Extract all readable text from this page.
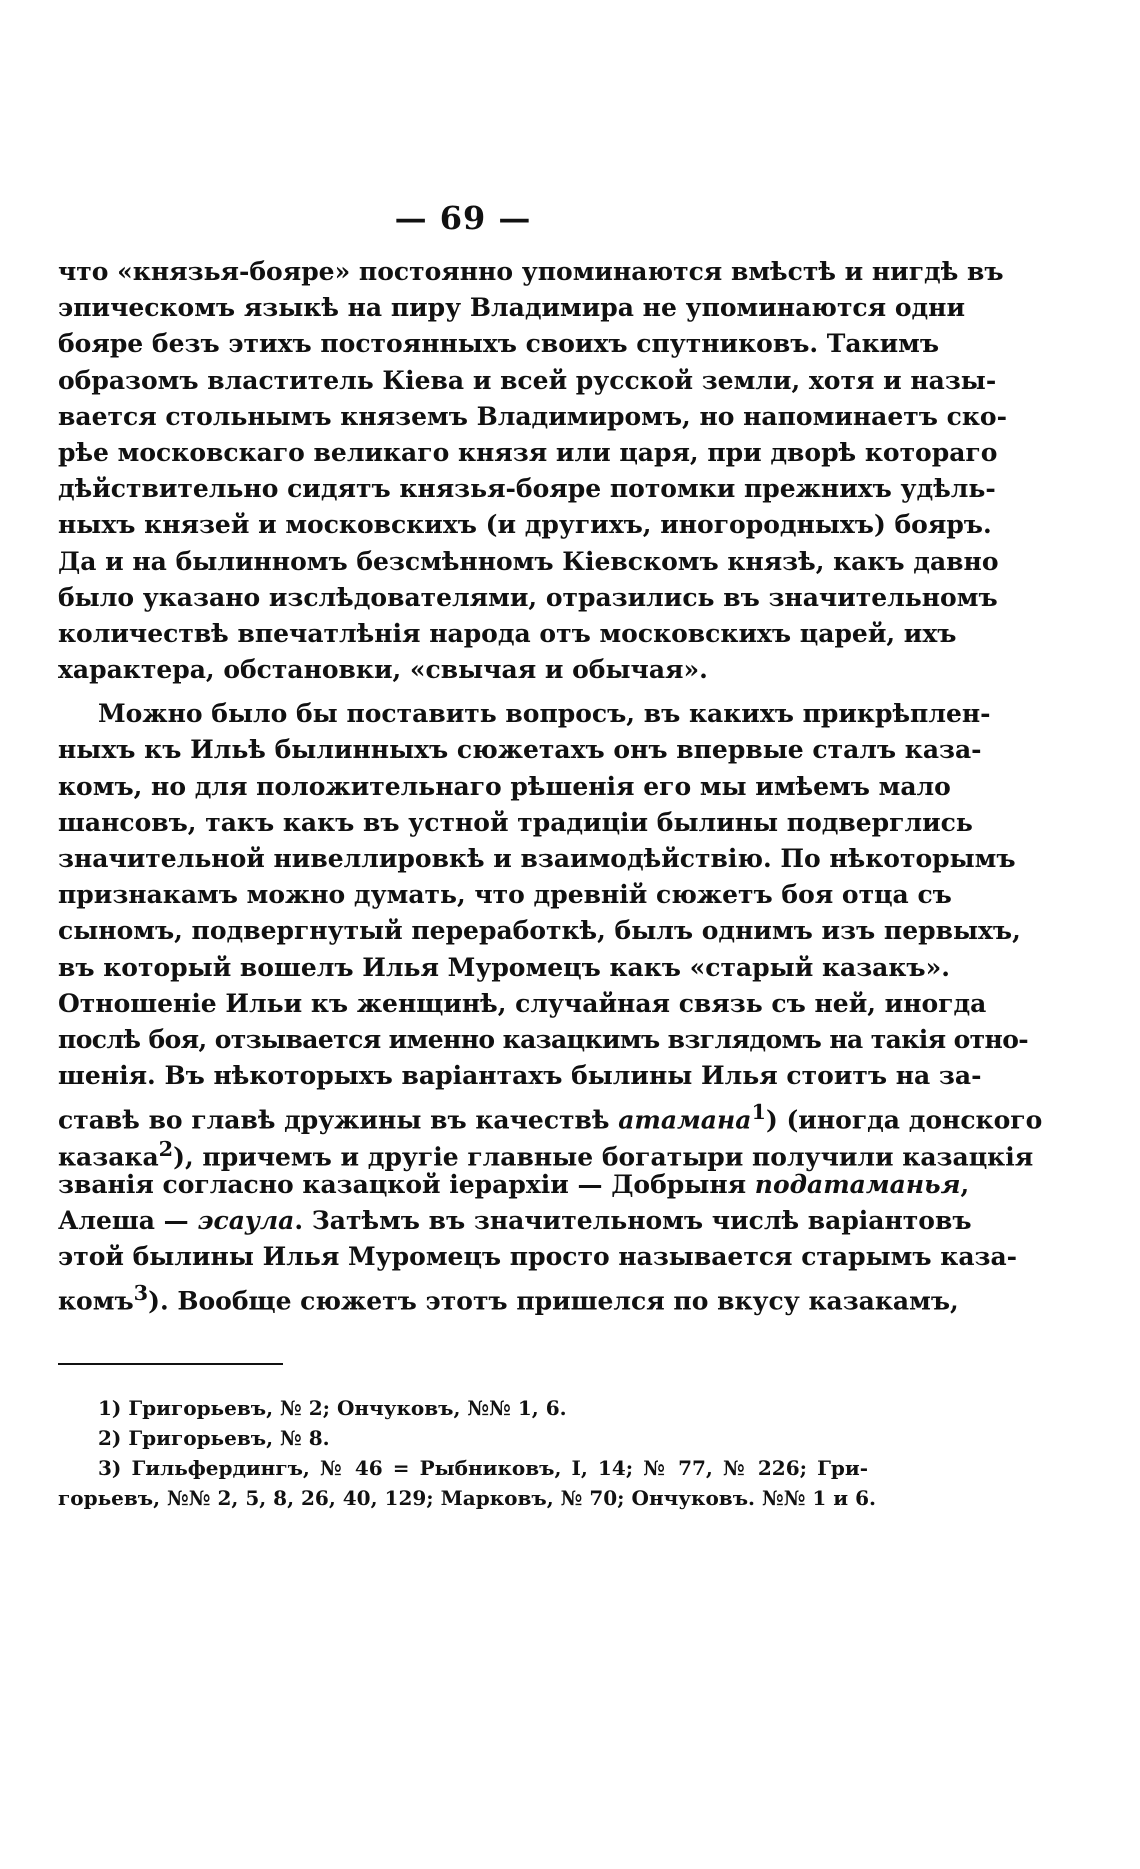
— 69 —
что «князья-бояре» постоянно упоминаются вмѣстѣ и нигдѣ въ
эпическомъ языкѣ на пиру Владимира не упоминаются одни
бояре безъ этихъ постоянныхъ своихъ спутниковъ. Такимъ
образомъ властитель Кіева и всей русской земли, хотя и назы-
вается стольнымъ княземъ Владимиромъ, но напоминаетъ ско-
рѣе московскаго великаго князя или царя, при дворѣ котораго
дѣйствительно сидятъ князья-бояре потомки прежнихъ удѣль-
ныхъ князей и московскихъ (и другихъ, иногородныхъ) бояръ.
Да и на былинномъ безсмѣнномъ Кіевскомъ князѣ, какъ давно
было указано изслѣдователями, отразились въ значительномъ
количествѣ впечатлѣнія народа отъ московскихъ царей, ихъ
характера, обстановки, «свычая и обычая».
Можно было бы поставить вопросъ, въ какихъ прикрѣплен-
ныхъ къ Ильѣ былинныхъ сюжетахъ онъ впервые сталъ каза-
комъ, но для положительнаго рѣшенія его мы имѣемъ мало
шансовъ, такъ какъ въ устной традиціи былины подверглись
значительной нивеллировкѣ и взаимодѣйствію. По нѣкоторымъ
признакамъ можно думать, что древній сюжетъ боя отца съ
сыномъ, подвергнутый переработкѣ, былъ однимъ изъ первыхъ,
въ который вошелъ Илья Муромецъ какъ «старый казакъ».
Отношеніе Ильи къ женщинѣ, случайная связь съ ней, иногда
послѣ боя, отзывается именно казацкимъ взглядомъ на такія отно-
шенія. Въ нѣкоторыхъ варіантахъ былины Илья стоитъ на за-
ставѣ во главѣ дружины въ качествѣ атамана$^1$) (иногда донского
казака$^2$), причемъ и другіе главные богатыри получили казацкія
званія согласно казацкой іерархіи — Добрыня податаманья,
Алеша — эсаула. Затѣмъ въ значительномъ числѣ варіантовъ
этой былины Илья Муромецъ просто называется старымъ каза-
комъ$^3$). Вообще сюжетъ этотъ пришелся по вкусу казакамъ,
1) Григорьевъ, № 2; Ончуковъ, №№ 1, 6.
2) Григорьевъ, № 8.
3) Гильфердингъ, № 46 = Рыбниковъ, I, 14; № 77, № 226; Гри-
горьевъ, №№ 2, 5, 8, 26, 40, 129; Марковъ, № 70; Ончуковъ. №№ 1 и 6.
